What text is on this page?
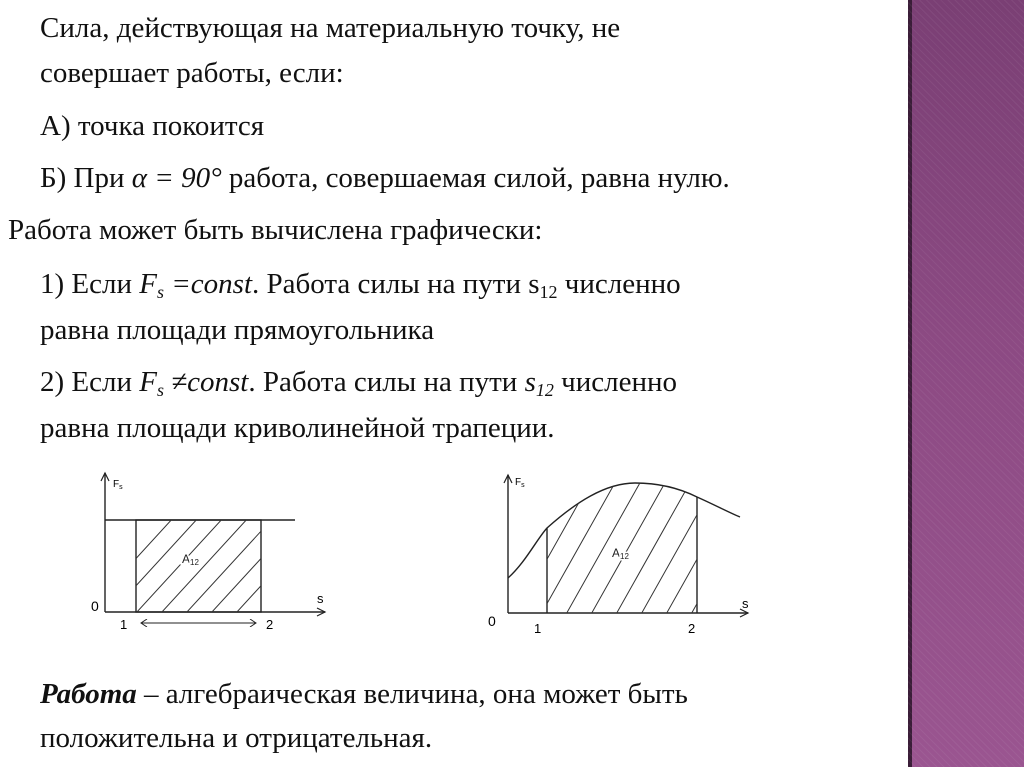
Сила, действующая на материальную точку, не
совершает работы, если:
А) точка покоится
Б) При α = 90° работа, совершаемая силой, равна нулю.
Работа может быть вычислена графически:
1) Если $F_s$ =const. Работа силы на пути $s_{12}$ численно
равна площади прямоугольника
2) Если $F_s$ ≠const. Работа силы на пути $s_{12}$ численно
равна площади криволинейной трапеции.
$F_s$
s
0
1	2
A12
$F_s$
s
0	1	2
A12
Работа – алгебраическая величина, она может быть
положительна и отрицательная.
